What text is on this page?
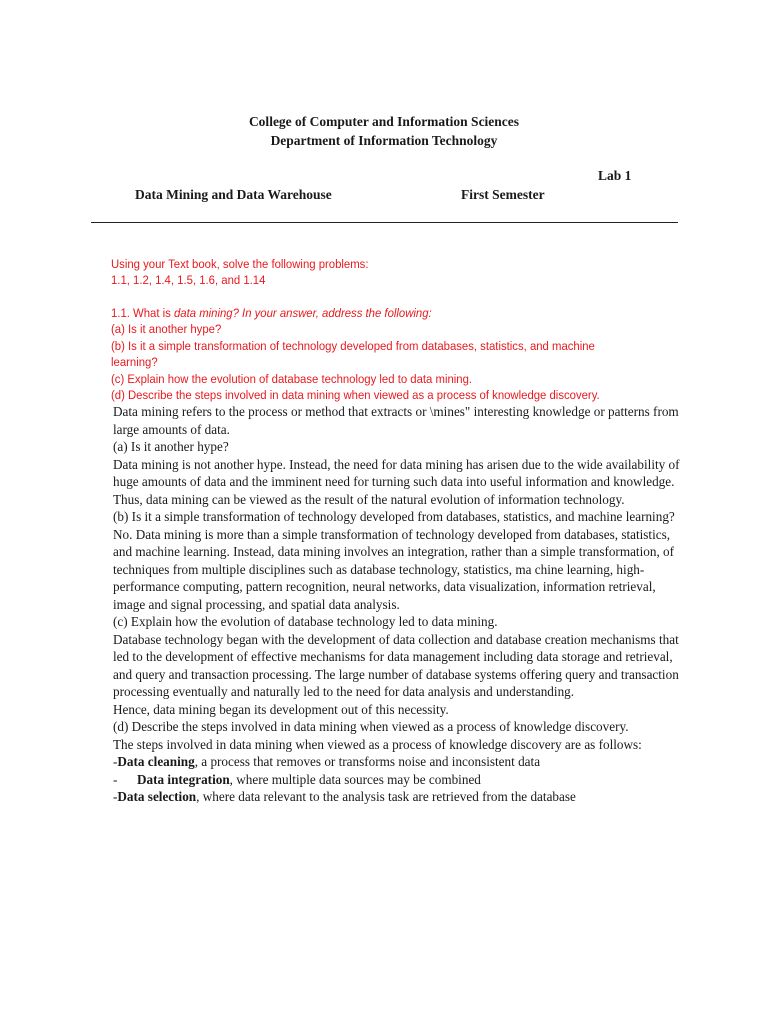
College of Computer and Information Sciences
Department of Information Technology
Lab 1
Data Mining and Data Warehouse	First Semester
Using your Text book, solve the following problems:
1.1, 1.2, 1.4, 1.5, 1.6, and 1.14
1.1. What is data mining? In your answer, address the following:
(a) Is it another hype?
(b) Is it a simple transformation of technology developed from databases, statistics, and machine
learning?
(c) Explain how the evolution of database technology led to data mining.
(d) Describe the steps involved in data mining when viewed as a process of knowledge discovery.

Data mining refers to the process or method that extracts or \mines" interesting knowledge or patterns from large amounts of data.

(a) Is it another hype?

Data mining is not another hype. Instead, the need for data mining has arisen due to the wide availability of huge amounts of data and the imminent need for turning such data into useful information and knowledge. Thus, data mining can be viewed as the result of the natural evolution of information technology.

(b) Is it a simple transformation of technology developed from databases, statistics, and machine learning?

No. Data mining is more than a simple transformation of technology developed from databases, statistics, and machine learning. Instead, data mining involves an integration, rather than a simple transformation, of techniques from multiple disciplines such as database technology, statistics, ma chine learning, high-performance computing, pattern recognition, neural networks, data visualization, information retrieval, image and signal processing, and spatial data analysis.

(c) Explain how the evolution of database technology led to data mining.

Database technology began with the development of data collection and database creation mechanisms that led to the development of effective mechanisms for data management including data storage and retrieval, and query and transaction processing. The large number of database systems offering query and transaction processing eventually and naturally led to the need for data analysis and understanding.

Hence, data mining began its development out of this necessity.

(d) Describe the steps involved in data mining when viewed as a process of knowledge discovery.

The steps involved in data mining when viewed as a process of knowledge discovery are as follows:

-Data cleaning, a process that removes or transforms noise and inconsistent data

- Data integration, where multiple data sources may be combined

-Data selection, where data relevant to the analysis task are retrieved from the database
